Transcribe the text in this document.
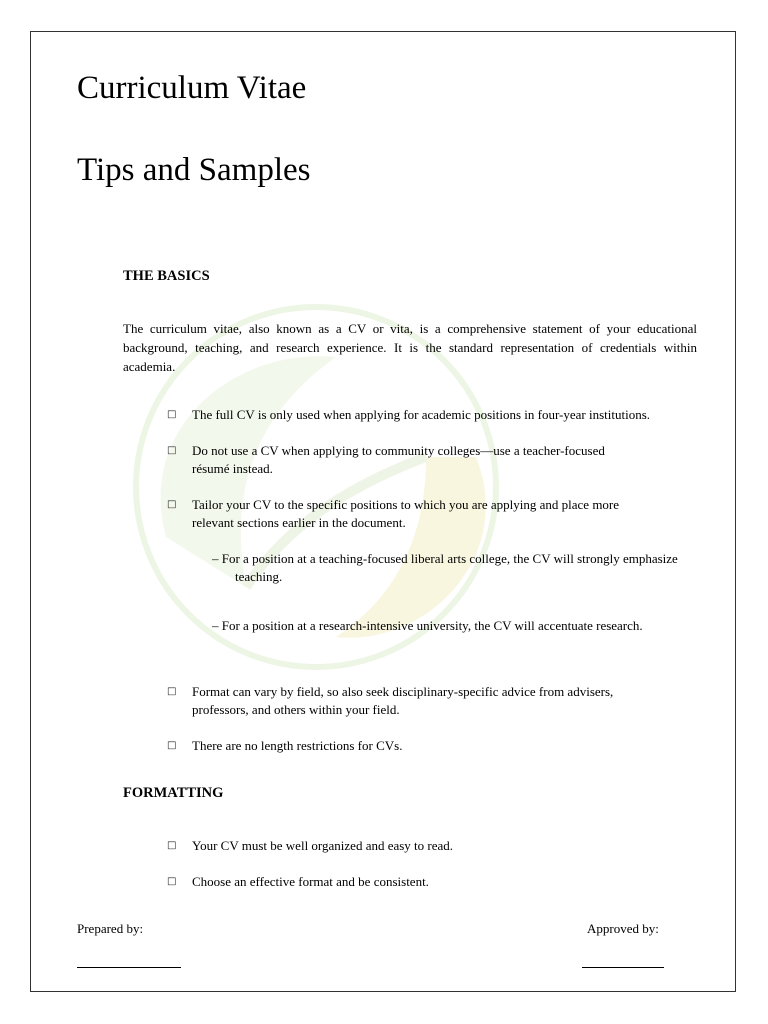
Curriculum Vitae
Tips and Samples
THE BASICS

The curriculum vitae, also known as a CV or vita, is a comprehensive statement of your educational background, teaching, and research experience. It is the standard representation of credentials within academia.

□ The full CV is only used when applying for academic positions in four-year institutions.
□ Do not use a CV when applying to community colleges—use a teacher-focused résumé instead.
□ Tailor your CV to the specific positions to which you are applying and place more relevant sections earlier in the document.
□ Format can vary by field, so also seek disciplinary-specific advice from advisers, professors, and others within your field.
□ There are no length restrictions for CVs.
– For a position at a teaching-focused liberal arts college, the CV will strongly emphasize teaching.
– For a position at a research-intensive university, the CV will accentuate research.
FORMATTING
□ Your CV must be well organized and easy to read.
□ Choose an effective format and be consistent.
Prepared by:	Approved by:
